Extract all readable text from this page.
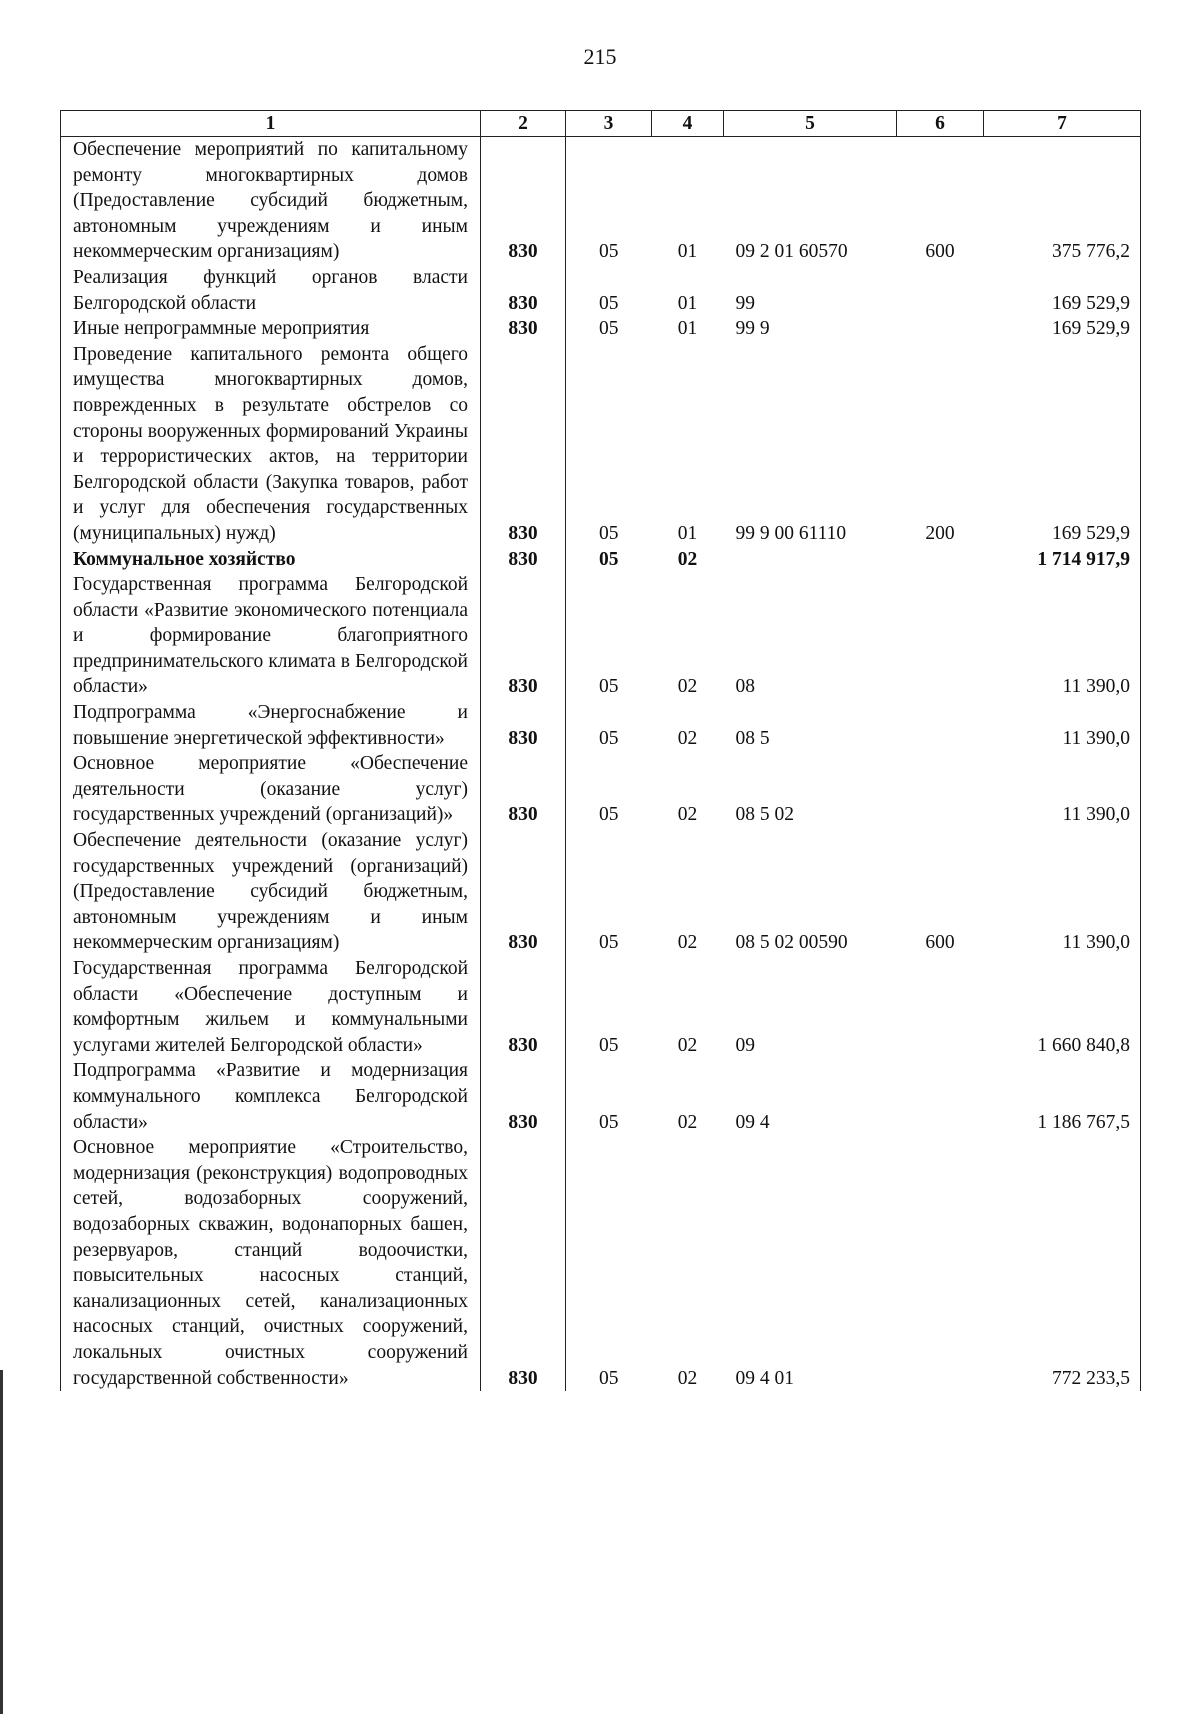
215
1	2	3	4	5	6	7
Обеспечение мероприятий по капитальному ремонту многоквартирных домов (Предоставление субсидий бюджетным, автономным учреждениям и иным некоммерческим организациям)	830	05	01	09 2 01 60570	600	375 776,2
Реализация функций органов власти Белгородской области	830	05	01	99		169 529,9
Иные непрограммные мероприятия	830	05	01	99 9		169 529,9
Проведение капитального ремонта общего имущества многоквартирных домов, поврежденных в результате обстрелов со стороны вооруженных формирований Украины и террористических актов, на территории Белгородской области (Закупка товаров, работ и услуг для обеспечения государственных (муниципальных) нужд)	830	05	01	99 9 00 61110	200	169 529,9
Коммунальное хозяйство	830	05	02			1 714 917,9
Государственная программа Белгородской области «Развитие экономического потенциала и формирование благоприятного предпринимательского климата в Белгородской области»	830	05	02	08		11 390,0
Подпрограмма «Энергоснабжение и повышение энергетической эффективности»	830	05	02	08 5		11 390,0
Основное мероприятие «Обеспечение деятельности (оказание услуг) государственных учреждений (организаций)»	830	05	02	08 5 02		11 390,0
Обеспечение деятельности (оказание услуг) государственных учреждений (организаций) (Предоставление субсидий бюджетным, автономным учреждениям и иным некоммерческим организациям)	830	05	02	08 5 02 00590	600	11 390,0
Государственная программа Белгородской области «Обеспечение доступным и комфортным жильем и коммунальными услугами жителей Белгородской области»	830	05	02	09		1 660 840,8
Подпрограмма «Развитие и модернизация коммунального комплекса Белгородской области»	830	05	02	09 4		1 186 767,5
Основное мероприятие «Строительство, модернизация (реконструкция) водопроводных сетей, водозаборных сооружений, водозаборных скважин, водонапорных башен, резервуаров, станций водоочистки, повысительных насосных станций, канализационных сетей, канализационных насосных станций, очистных сооружений, локальных очистных сооружений государственной собственности»	830	05	02	09 4 01		772 233,5
